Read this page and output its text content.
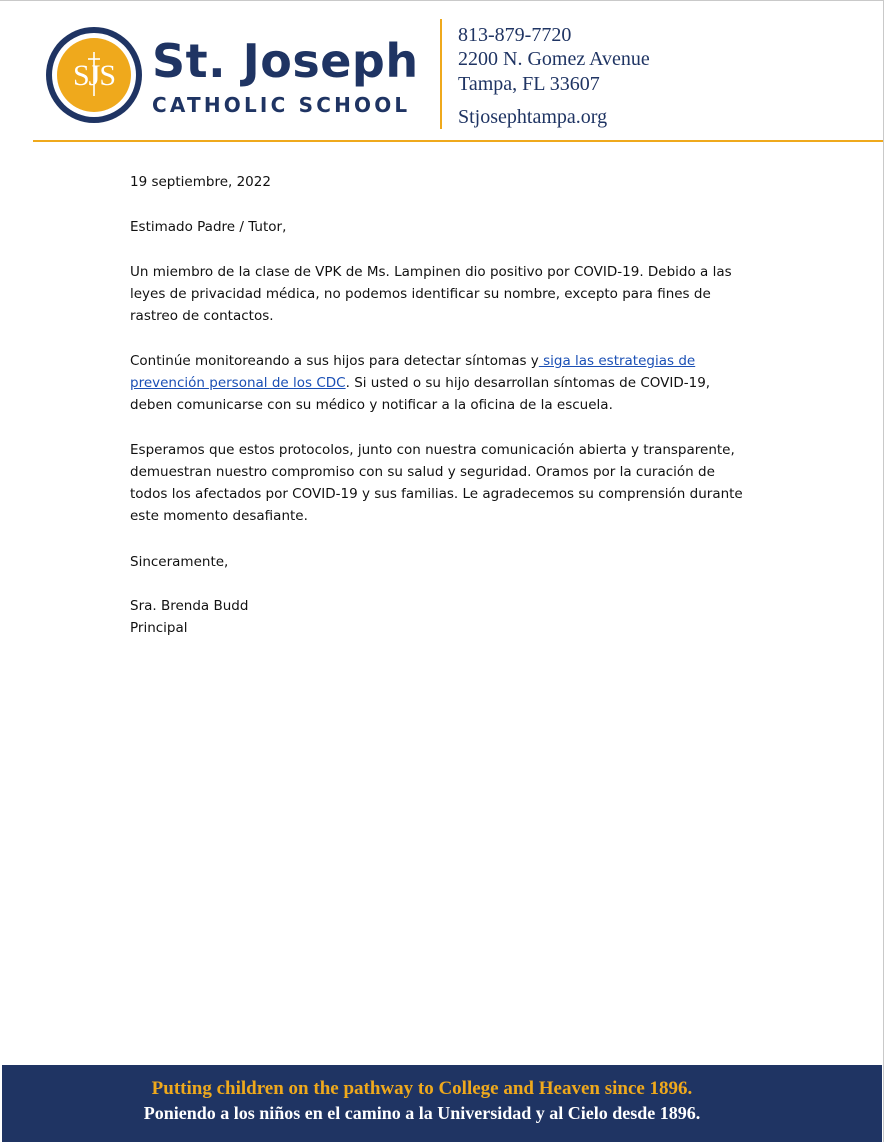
SJS St. Joseph
CATHOLIC SCHOOL
813-879-7720
2200 N. Gomez Avenue
Tampa, FL 33607
Stjosephtampa.org

19 septiembre, 2022

Estimado Padre / Tutor,

Un miembro de la clase de VPK de Ms. Lampinen dio positivo por COVID-19. Debido a las leyes de privacidad médica, no podemos identificar su nombre, excepto para fines de rastreo de contactos.

Continúe monitoreando a sus hijos para detectar síntomas y siga las estrategias de prevención personal de los CDC. Si usted o su hijo desarrollan síntomas de COVID-19, deben comunicarse con su médico y notificar a la oficina de la escuela.

Esperamos que estos protocolos, junto con nuestra comunicación abierta y transparente, demuestran nuestro compromiso con su salud y seguridad. Oramos por la curación de todos los afectados por COVID-19 y sus familias. Le agradecemos su comprensión durante este momento desafiante.

Sinceramente,

Sra. Brenda Budd

Principal

Putting children on the pathway to College and Heaven since 1896.
Poniendo a los niños en el camino a la Universidad y al Cielo desde 1896.
